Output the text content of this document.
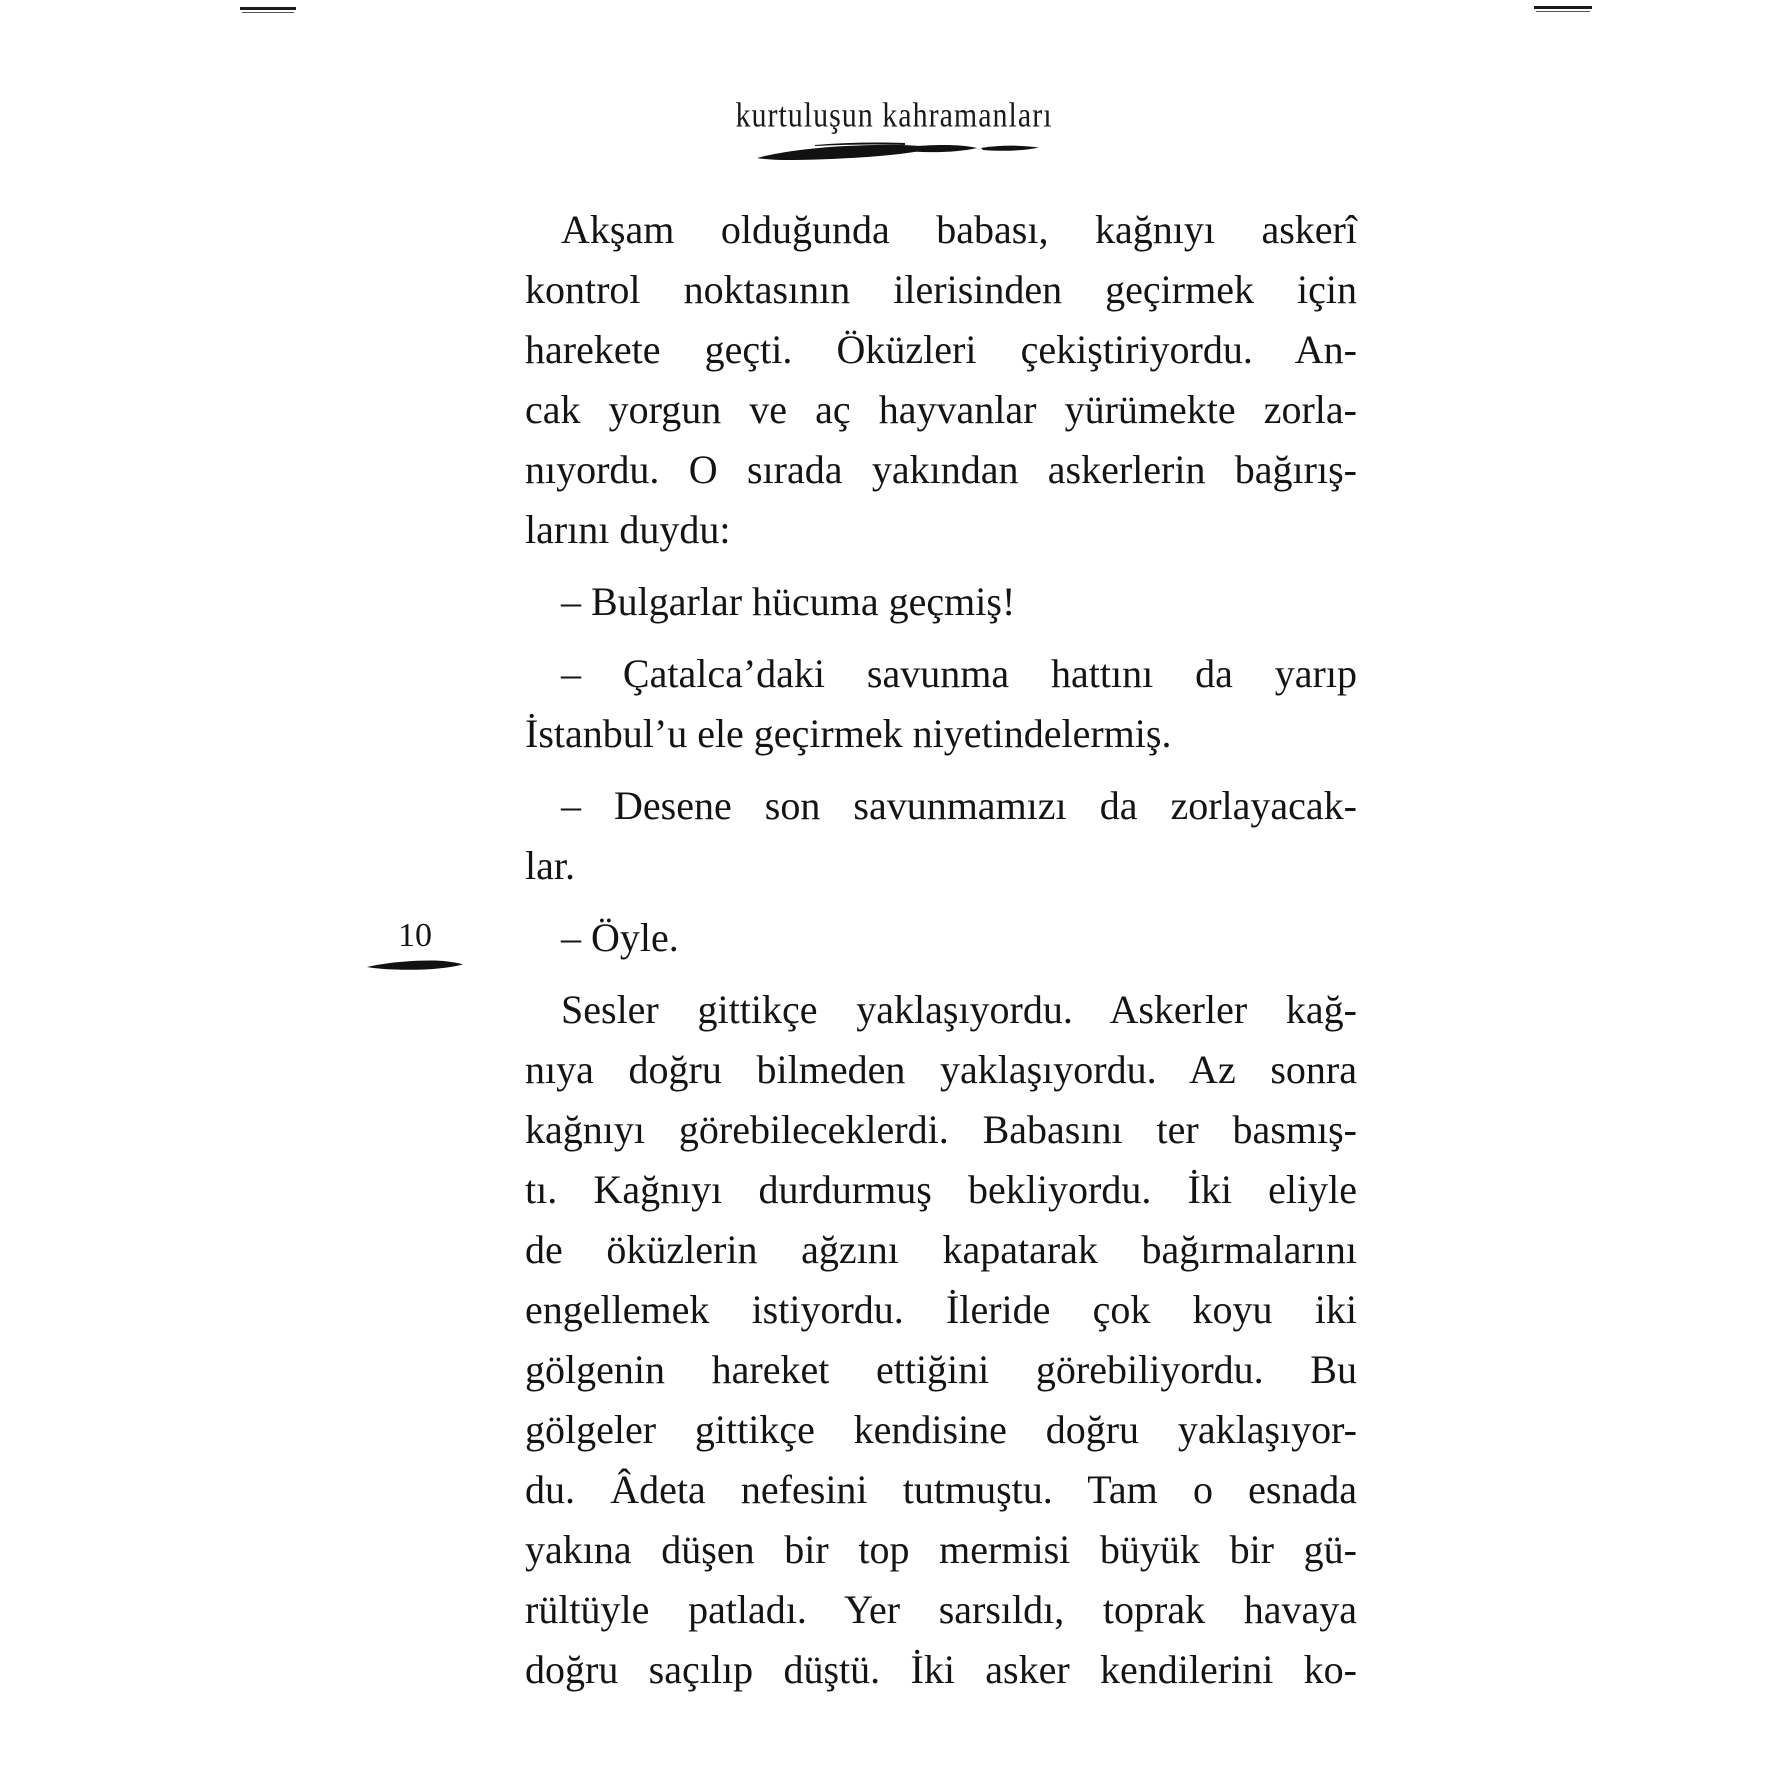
kurtuluşun kahramanları
Akşam olduğunda babası, kağnıyı askerî
kontrol noktasının ilerisinden geçirmek için
harekete geçti. Öküzleri çekiştiriyordu. An-
cak yorgun ve aç hayvanlar yürümekte zorla-
nıyordu. O sırada yakından askerlerin bağırış-
larını duydu:
– Bulgarlar hücuma geçmiş!
– Çatalca’daki savunma hattını da yarıp
İstanbul’u ele geçirmek niyetindelermiş.
– Desene son savunmamızı da zorlayacak-
lar.
– Öyle.
Sesler gittikçe yaklaşıyordu. Askerler kağ-
nıya doğru bilmeden yaklaşıyordu. Az sonra
kağnıyı görebileceklerdi. Babasını ter basmış-
tı. Kağnıyı durdurmuş bekliyordu. İki eliyle
de öküzlerin ağzını kapatarak bağırmalarını
engellemek istiyordu. İleride çok koyu iki
gölgenin hareket ettiğini görebiliyordu. Bu
gölgeler gittikçe kendisine doğru yaklaşıyor-
du. Âdeta nefesini tutmuştu. Tam o esnada
yakına düşen bir top mermisi büyük bir gü-
rültüyle patladı. Yer sarsıldı, toprak havaya
doğru saçılıp düştü. İki asker kendilerini ko-
10
